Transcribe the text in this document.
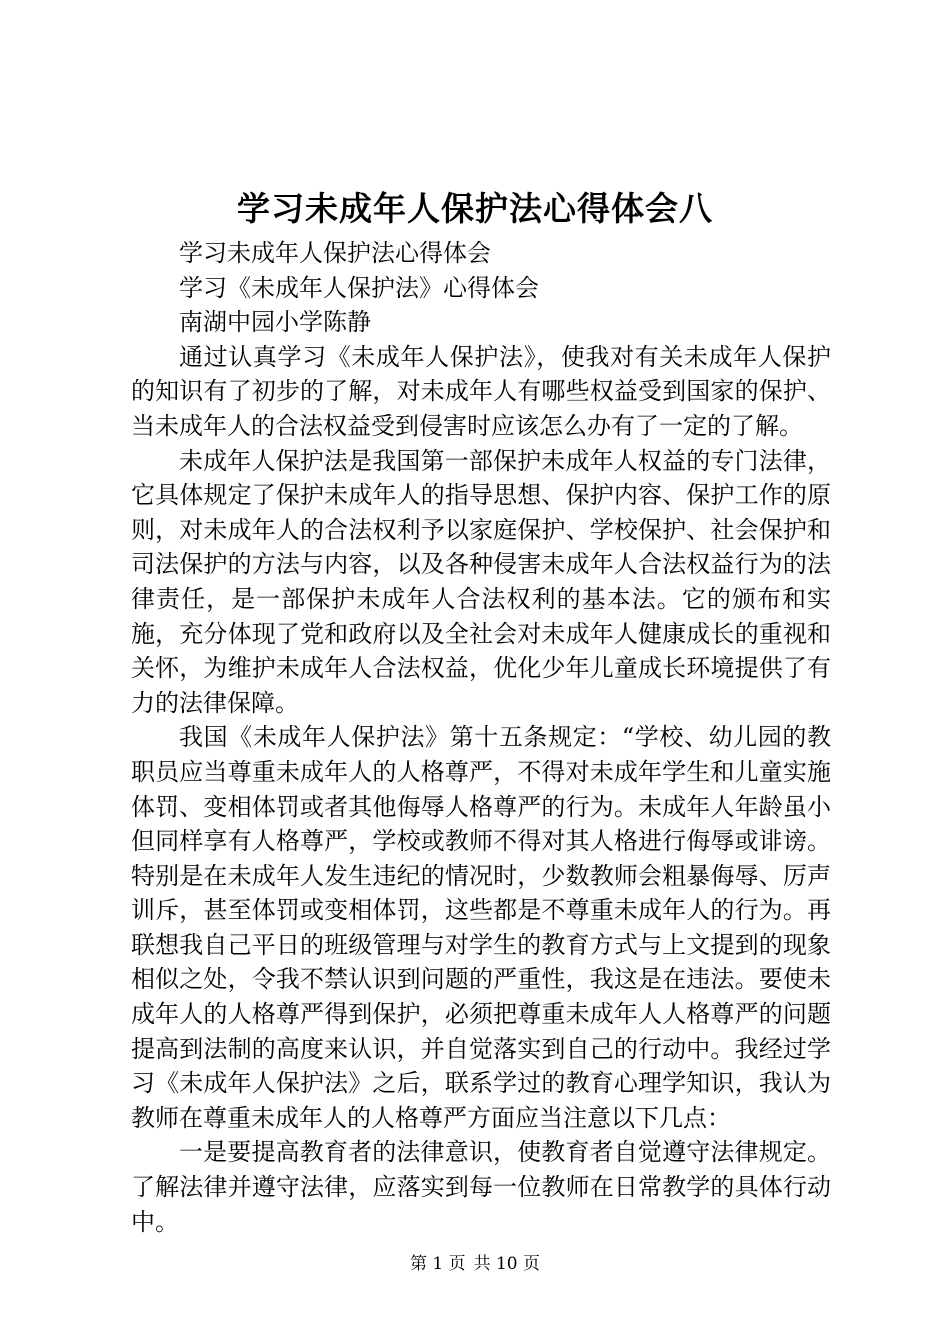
学习未成年人保护法心得体会八

学习未成年人保护法心得体会

学习《未成年人保护法》心得体会

南湖中园小学陈静

通过认真学习《未成年人保护法》，使我对有关未成年人保护的知识有了初步的了解，对未成年人有哪些权益受到国家的保护、当未成年人的合法权益受到侵害时应该怎么办有了一定的了解。

未成年人保护法是我国第一部保护未成年人权益的专门法律，它具体规定了保护未成年人的指导思想、保护内容、保护工作的原则，对未成年人的合法权利予以家庭保护、学校保护、社会保护和司法保护的方法与内容，以及各种侵害未成年人合法权益行为的法律责任，是一部保护未成年人合法权利的基本法。它的颁布和实施，充分体现了党和政府以及全社会对未成年人健康成长的重视和关怀，为维护未成年人合法权益，优化少年儿童成长环境提供了有力的法律保障。

我国《未成年人保护法》第十五条规定：“学校、幼儿园的教职员应当尊重未成年人的人格尊严，不得对未成年学生和儿童实施体罚、变相体罚或者其他侮辱人格尊严的行为。未成年人年龄虽小但同样享有人格尊严，学校或教师不得对其人格进行侮辱或诽谤。特别是在未成年人发生违纪的情况时，少数教师会粗暴侮辱、厉声训斥，甚至体罚或变相体罚，这些都是不尊重未成年人的行为。再联想我自己平日的班级管理与对学生的教育方式与上文提到的现象相似之处，令我不禁认识到问题的严重性，我这是在违法。要使未成年人的人格尊严得到保护，必须把尊重未成年人人格尊严的问题提高到法制的高度来认识，并自觉落实到自己的行动中。我经过学习《未成年人保护法》之后，联系学过的教育心理学知识，我认为教师在尊重未成年人的人格尊严方面应当注意以下几点：

一是要提高教育者的法律意识，使教育者自觉遵守法律规定。了解法律并遵守法律，应落实到每一位教师在日常教学的具体行动中。

第 1 页 共 10 页
